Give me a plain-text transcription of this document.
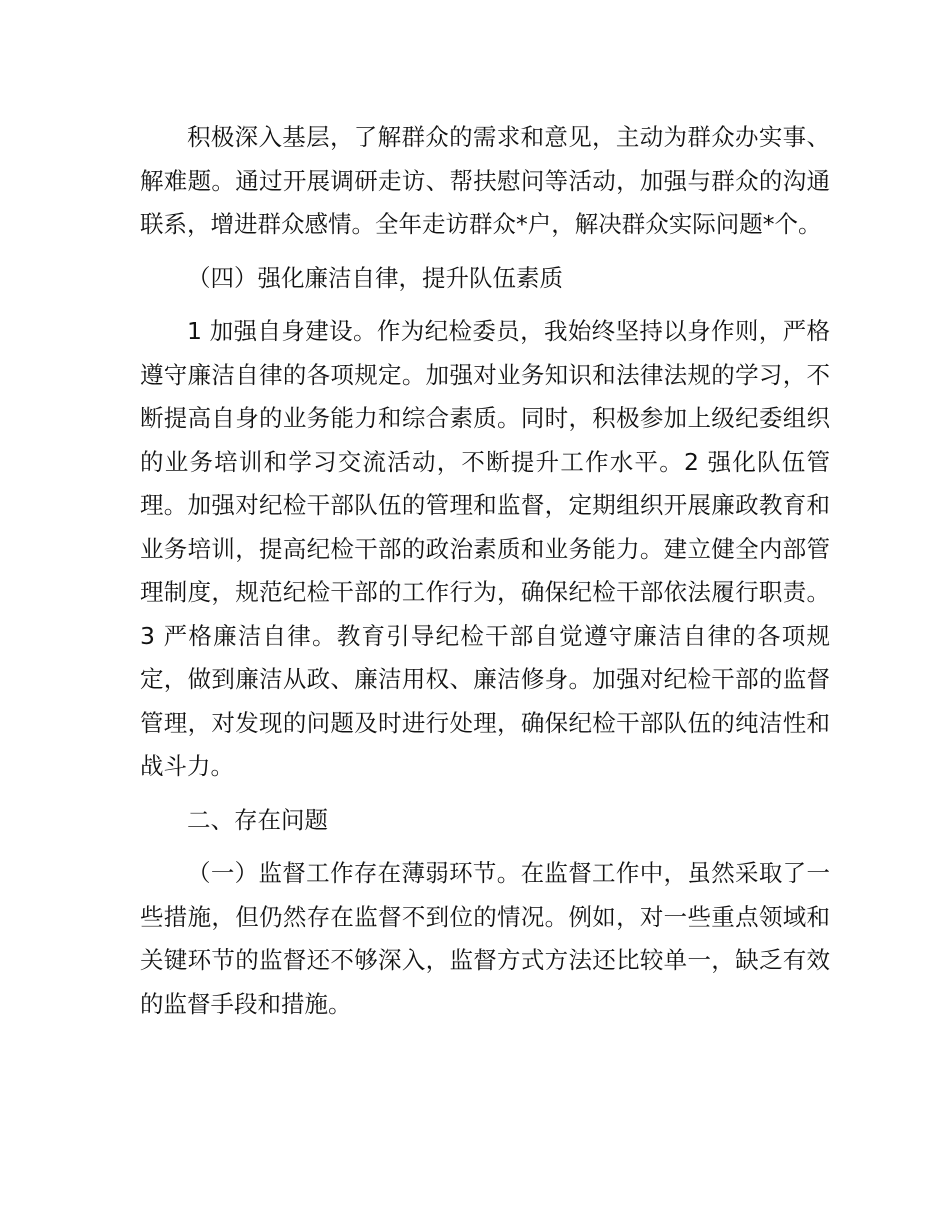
积极深入基层，了解群众的需求和意见，主动为群众办实事、解难题。通过开展调研走访、帮扶慰问等活动，加强与群众的沟通联系，增进群众感情。全年走访群众*户，解决群众实际问题*个。

（四）强化廉洁自律，提升队伍素质

1 加强自身建设。作为纪检委员，我始终坚持以身作则，严格遵守廉洁自律的各项规定。加强对业务知识和法律法规的学习，不断提高自身的业务能力和综合素质。同时，积极参加上级纪委组织的业务培训和学习交流活动，不断提升工作水平。2 强化队伍管理。加强对纪检干部队伍的管理和监督，定期组织开展廉政教育和业务培训，提高纪检干部的政治素质和业务能力。建立健全内部管理制度，规范纪检干部的工作行为，确保纪检干部依法履行职责。3 严格廉洁自律。教育引导纪检干部自觉遵守廉洁自律的各项规定，做到廉洁从政、廉洁用权、廉洁修身。加强对纪检干部的监督管理，对发现的问题及时进行处理，确保纪检干部队伍的纯洁性和战斗力。

二、存在问题

（一）监督工作存在薄弱环节。在监督工作中，虽然采取了一些措施，但仍然存在监督不到位的情况。例如，对一些重点领域和关键环节的监督还不够深入，监督方式方法还比较单一，缺乏有效的监督手段和措施。
